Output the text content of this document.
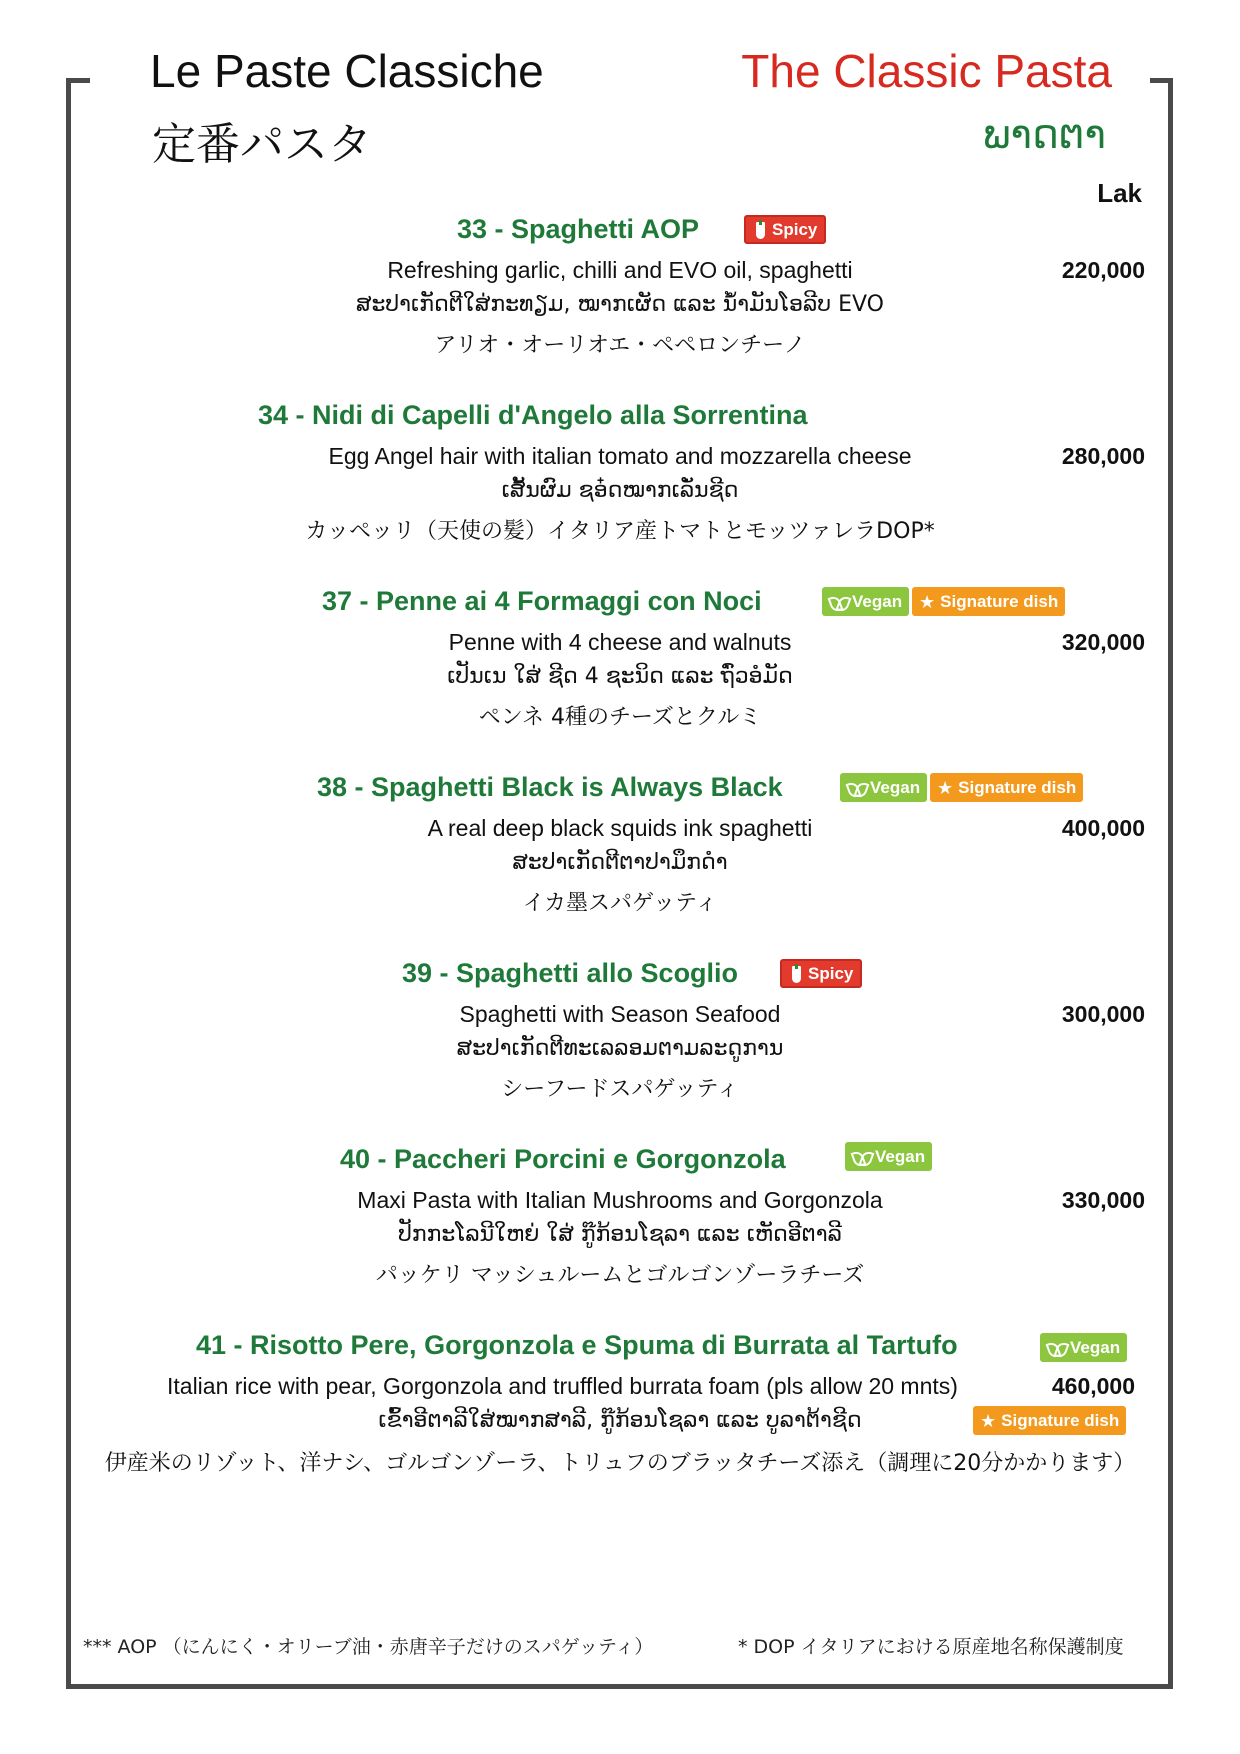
Le Paste Classiche
定番パスタ
The Classic Pasta
ພາດຕາ
Lak
33 - Spaghetti AOP	Spicy
Refreshing garlic, chilli and EVO oil, spaghetti	220,000
ສະປາເກັດຕີໃສ່ກະທຽມ, ໝາກເຜັດ ແລະ ນ້ຳມັນໂອລີບ EVO
アリオ・オーリオエ・ペペロンチーノ
34 - Nidi di Capelli d'Angelo alla Sorrentina
Egg Angel hair with italian tomato and mozzarella cheese	280,000
ເສັ້ນຜົມ ຊອ໋ດໝາກເລັ່ນຊີດ
カッペッリ（天使の髪）イタリア産トマトとモッツァレラDOP*
37 - Penne ai 4 Formaggi con Noci	Vegan ★ Signature dish
Penne with 4 cheese and walnuts	320,000
ເປັນເນ ໃສ່ ຊີດ 4 ຊະນິດ ແລະ ຖົ່ວອໍມັດ
ペンネ 4種のチーズとクルミ
38 - Spaghetti Black is Always Black	Vegan ★ Signature dish
A real deep black squids ink spaghetti	400,000
ສະປາເກັດຕີຕາປາມຶກດຳ
イカ墨スパゲッティ
39 - Spaghetti allo Scoglio	Spicy
Spaghetti with Season Seafood	300,000
ສະປາເກັດຕີທະເລລອມຕາມລະດູການ
シーフードスパゲッティ
40 - Paccheri Porcini e Gorgonzola	Vegan
Maxi Pasta with Italian Mushrooms and Gorgonzola	330,000
ປັກກະໂລນີໃຫຍ່ ໃສ່ ກູ໊ກ້ອນໂຊລາ ແລະ ເຫັດອີຕາລີ
パッケリ マッシュルームとゴルゴンゾーラチーズ
41 - Risotto Pere, Gorgonzola e Spuma di Burrata al Tartufo	Vegan
Italian rice with pear, Gorgonzola and truffled burrata foam (pls allow 20 mnts)	460,000
ເຂົ້າອີຕາລີໃສ່ໝາກສາລີ, ກູ໊ກ້ອນໂຊລາ ແລະ ບູລາຕ້າຊີດ	★ Signature dish
伊産米のリゾット、洋ナシ、ゴルゴンゾーラ、トリュフのブラッタチーズ添え（調理に20分かかります）
*** AOP （にんにく・オリーブ油・赤唐辛子だけのスパゲッティ）	* DOP イタリアにおける原産地名称保護制度
